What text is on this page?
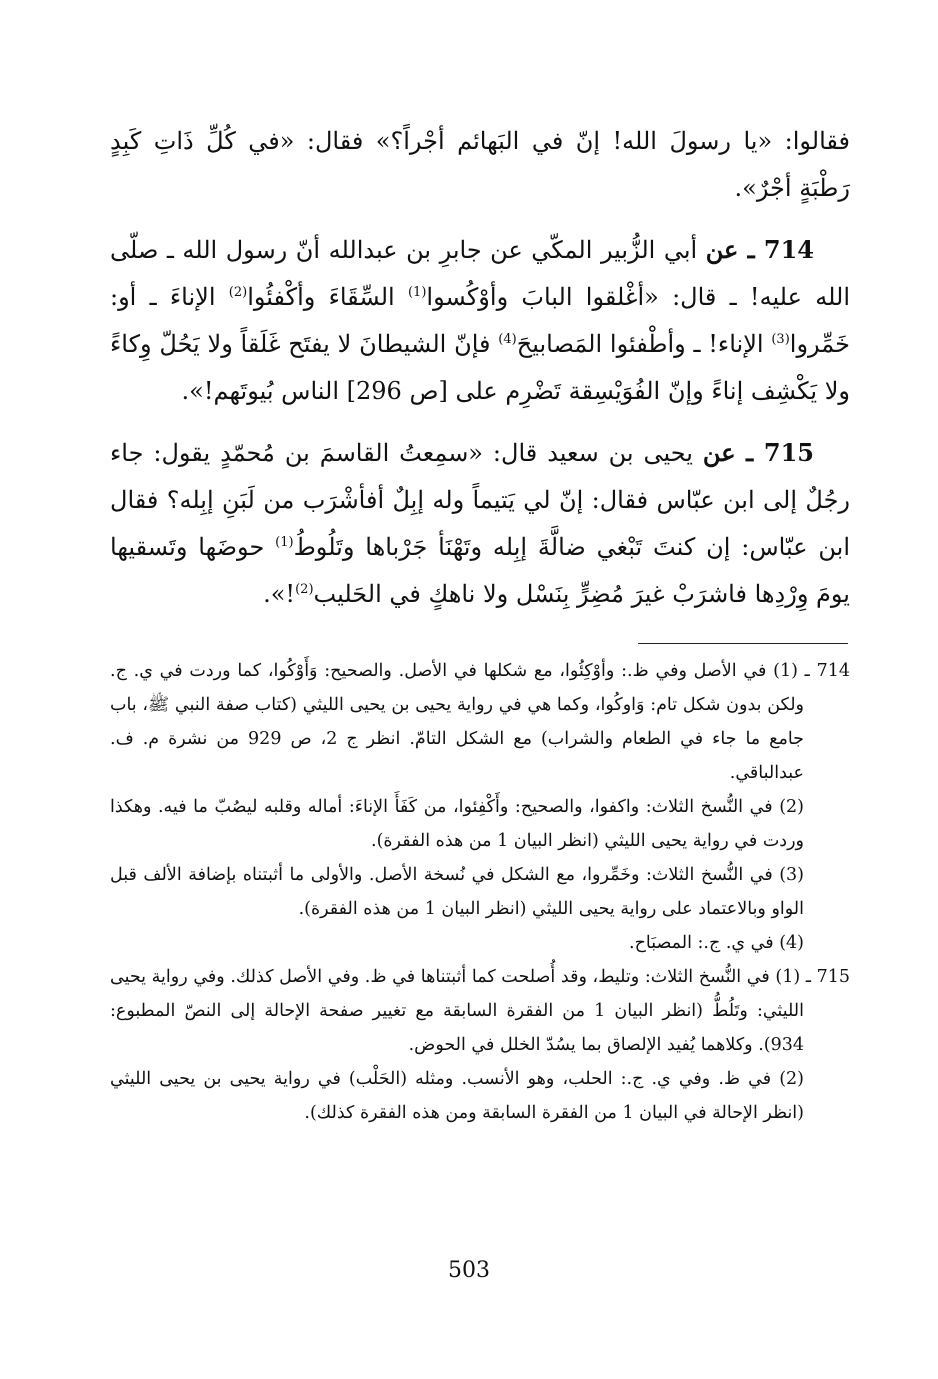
فقالوا: «يا رسولَ الله! إنّ في البَهائم أجْراً؟» فقال: «في كُلِّ ذَاتِ كَبِدٍ رَطْبَةٍ أجْرٌ».

714 ـ عن أبي الزُّبير المكّي عن جابرِ بن عبدالله أنّ رسول الله ـ صلّى الله عليه! ـ قال: «أغْلقوا البابَ وأوْكُسوا$^{(1)}$ السِّقَاءَ وأكْفئُوا$^{(2)}$ الإناءَ ـ أو: خَمِّروا$^{(3)}$ الإناء! ـ وأطْفئوا المَصابيحَ$^{(4)}$ فإنّ الشيطانَ لا يفتَح غَلَقاً ولا يَحُلّ وِكاءً ولا يَكْشِف إناءً وإنّ الفُوَيْسِقة تَضْرِم على [ص 296] الناس بُيوتَهم!».

715 ـ عن يحيى بن سعيد قال: «سمِعتُ القاسمَ بن مُحمّدٍ يقول: جاء رجُلٌ إلى ابن عبّاس فقال: إنّ لي يَتيماً وله إبِلٌ أفأشْرَب من لَبَنِ إبِله؟ فقال ابن عبّاس: إن كنتَ تَبْغي ضالَّةَ إبِله وتَهْنَأ جَرْباها وتَلُوطُ$^{(1)}$ حوضَها وتَسقيها يومَ وِرْدِها فاشرَبْ غيرَ مُضِرٍّ بِنَسْل ولا ناهكٍ في الحَليب$^{(2)}$!».

714 ـ (1) في الأصل وفي ظ.: وأوْكِئُوا، مع شكلها في الأصل. والصحيح: وَأَوْكُوا، كما وردت في ي. ج. ولكن بدون شكل تام: وَاوكُوا، وكما هي في رواية يحيى بن يحيى الليثي (كتاب صفة النبي ﷺ، باب جامع ما جاء في الطعام والشراب) مع الشكل التامّ. انظر ج 2، ص 929 من نشرة م. ف. عبدالباقي.

(2) في النُّسخ الثلاث: واكفوا، والصحيح: وأَكْفِئوا، من كَفَأَ الإناءَ: أماله وقلبه ليصُبّ ما فيه. وهكذا وردت في رواية يحيى الليثي (انظر البيان 1 من هذه الفقرة).

(3) في النُّسخ الثلاث: وخَمِّروا، مع الشكل في نُسخة الأصل. والأولى ما أثبتناه بإضافة الألف قبل الواو وبالاعتماد على رواية يحيى الليثي (انظر البيان 1 من هذه الفقرة).

(4) في ي. ج.: المصبَاح.

715 ـ (1) في النُّسخ الثلاث: وتليط، وقد أُصلحت كما أثبتناها في ظ. وفي الأصل كذلك. وفي رواية يحيى الليثي: وتَلُطُّ (انظر البيان 1 من الفقرة السابقة مع تغيير صفحة الإحالة إلى النصّ المطبوع: 934). وكلاهما يُفيد الإلصاق بما يسُدّ الخلل في الحوض.

(2) في ظ. وفي ي. ج.: الحلب، وهو الأنسب. ومثله (الحَلْب) في رواية يحيى بن يحيى الليثي (انظر الإحالة في البيان 1 من الفقرة السابقة ومن هذه الفقرة كذلك).

503
